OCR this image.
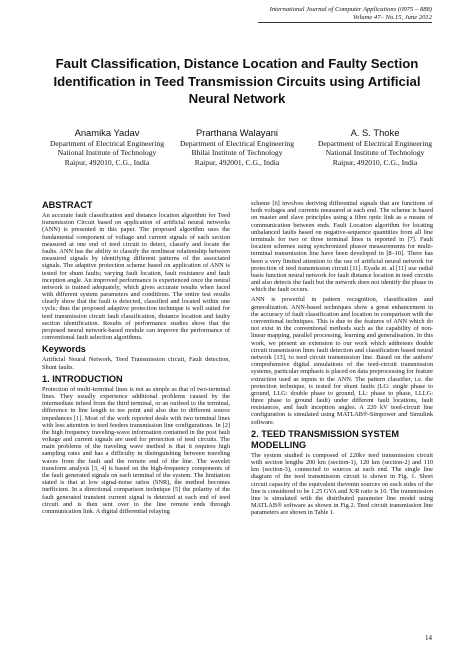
International Journal of Computer Applications (0975 – 888)
Volume 47– No.15, June 2012
Fault Classification, Distance Location and Faulty Section Identification in Teed Transmission Circuits using Artificial Neural Network
Anamika Yadav
Department of Electrical Engineering
National Institute of Technology
Raipur, 492010, C.G., India
Prarthana Walayani
Department of Electrical Engineering
Bhilai Institute of Technology
Raipur, 492001, C.G., India
A. S. Thoke
Department of Electrical Engineering
National Institute of Technology
Raipur, 492010, C.G., India
ABSTRACT

An accurate fault classification and distance location algorithm for Teed transmission Circuit based on application of artificial neural networks (ANN) is presented in this paper. The proposed algorithm uses the fundamental component of voltage and current signals of each section measured at one end of teed circuit to detect, classify and locate the faults. ANN has the ability to classify the nonlinear relationship between measured signals by identifying different patterns of the associated signals. The adaptive protection scheme based on application of ANN is tested for shunt faults; varying fault location, fault resistance and fault inception angle. An improved performance is experienced once the neural network is trained adequately, which gives accurate results when faced with different system parameters and conditions. The entire test results clearly show that the fault is detected, classified and located within one cycle; thus the proposed adaptive protection technique is well suited for teed transmission circuit fault classification, distance location and faulty section identification. Results of performance studies show that the proposed neural network-based module can improve the performance of conventional fault selection algorithms.

Keywords

Artificial Neural Network, Teed Transmission circuit, Fault detection, Shunt faults.

1. INTRODUCTION

Protection of multi-terminal lines is not as simple as that of two-terminal lines. They usually experience additional problems caused by the intermediate infeed from the third terminal, or an outfeed to the terminal, difference in line length to tee point and also due to different source impedances [1]. Most of the work reported deals with two terminal lines with less attention to teed feeders transmission line configurations. In [2] the high frequency traveling-wave information contained in the post fault voltage and current signals are used for protection of teed circuits. The main problems of the traveling wave method is that it requires high sampling rates and has a difficulty in distinguishing between traveling waves from the fault and the remote end of the line. The wavelet transform analysis [3, 4] is based on the high-frequency components of the fault generated signals on each terminal of the system. The limitation stated is that at low signal-noise ratios (SNR), the method becomes inefficient. In a directional comparison technique [5] the polarity of the fault generated transient current signal is detected at each end of teed circuit and is then sent over to the line remote ends through communication link. A digital differential relaying

scheme [6] involves deriving differential signals that are functions of both voltages and currents measured at each end. The scheme is based on master and slave principles using a fibre optic link as a means of communication between ends. Fault Location algorithm for locating unbalanced faults based on negative-sequence quantities from all line terminals for two or three terminal lines is reported in [7]. Fault location schemes using synchronized phasor measurements for multi-terminal transmission line have been developed in [8–10]. There has been a very limited attention to the use of artificial neural network for protection of teed transmission circuit [11]. Eyada et. al [11] use radial basis function neural network for fault distance location in teed circuits and also detects the fault but the network does not identify the phase in which the fault occurs.

ANN is powerful in pattern recognition, classification and generalization. ANN-based techniques show a great enhancement in the accuracy of fault classification and location in comparison with the conventional techniques. This is due to the features of ANN which do not exist in the conventional methods such as the capability of non-linear mapping, parallel processing, learning and generalisation. In this work, we present an extension to our work which addresses double circuit transmission lines fault detection and classification based neural network [13], to teed circuit transmission line. Based on the authors' comprehensive digital simulations of the teed-circuit transmission systems, particular emphasis is placed on data preprocessing for feature extraction used as inputs to the ANN. The pattern classifier, i.e. the protection technique, is tested for shunt faults (LG: single phase to ground, LLG: double phase to ground, LL: phase to phase, LLLG: three phase to ground fault) under different fault locations, fault resistances, and fault inception angles. A 220 kV teed-circuit line configuration is simulated using MATLAB®-Simpower and Simulink software.

2. TEED TRANSMISSION SYSTEM MODELLING

The system studied is composed of 220kv teed transmission circuit with section lengths 200 km (section-1), 120 km (section-2) and 110 km (section-3), connected to sources at each end. The single line diagram of the teed transmission circuit is shown in Fig. 1. Short circuit capacity of the equivalent thevenin sources on each sides of the line is considered to be 1.25 GVA and X/R ratio is 10. The transmission line is simulated with the distributed parameter line model using MATLAB® software as shown in Fig.2. Teed circuit transmission line parameters are shown in Table 1.

14
